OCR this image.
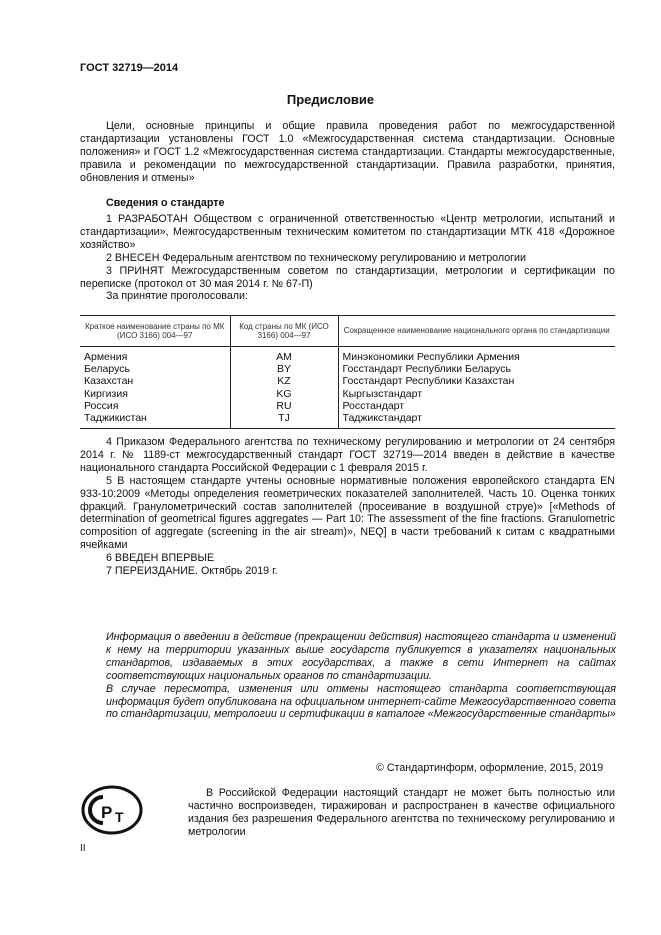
ГОСТ 32719—2014
Предисловие

Цели, основные принципы и общие правила проведения работ по межгосударственной стандартизации установлены ГОСТ 1.0 «Межгосударственная система стандартизации. Основные положения» и ГОСТ 1.2 «Межгосударственная система стандартизации. Стандарты межгосударственные, правила и рекомендации по межгосударственной стандартизации. Правила разработки, принятия, обновления и отмены»

Сведения о стандарте

1 РАЗРАБОТАН Обществом с ограниченной ответственностью «Центр метрологии, испытаний и стандартизации», Межгосударственным техническим комитетом по стандартизации МТК 418 «Дорожное хозяйство»

2 ВНЕСЕН Федеральным агентством по техническому регулированию и метрологии

3 ПРИНЯТ Межгосударственным советом по стандартизации, метрологии и сертификации по переписке (протокол от 30 мая 2014 г. № 67-П)

За принятие проголосовали:

Краткое наименование страны по МК (ИСО 3166) 004—97	Код страны по МК (ИСО 3166) 004—97	Сокращенное наименование национального органа по стандартизации
Армения	AM	Минэкономики Республики Армения
Беларусь	BY	Госстандарт Республики Беларусь
Казахстан	KZ	Госстандарт Республики Казахстан
Киргизия	KG	Кыргызстандарт
Россия	RU	Росстандарт
Таджикистан	TJ	Таджикстандарт

4 Приказом Федерального агентства по техническому регулированию и метрологии от 24 сентября 2014 г. № 1189-ст межгосударственный стандарт ГОСТ 32719—2014 введен в действие в качестве национального стандарта Российской Федерации с 1 февраля 2015 г.

5 В настоящем стандарте учтены основные нормативные положения европейского стандарта EN 933-10:2009 «Методы определения геометрических показателей заполнителей. Часть 10. Оценка тонких фракций. Гранулометрический состав заполнителей (просеивание в воздушной струе)» [«Methods of determination of geometrical figures aggregates — Part 10: The assessment of the fine fractions. Granulometric composition of aggregate (screening in the air stream)», NEQ] в части требований к ситам с квадратными ячейками

6 ВВЕДЕН ВПЕРВЫЕ

7 ПЕРЕИЗДАНИЕ. Октябрь 2019 г.

Информация о введении в действие (прекращении действия) настоящего стандарта и изменений к нему на территории указанных выше государств публикуется в указателях национальных стандартов, издаваемых в этих государствах, а также в сети Интернет на сайтах соответствующих национальных органов по стандартизации.

В случае пересмотра, изменения или отмены настоящего стандарта соответствующая информация будет опубликована на официальном интернет-сайте Межгосударственного совета по стандартизации, метрологии и сертификации в каталоге «Межгосударственные стандарты»

© Стандартинформ, оформление, 2015, 2019
Р Т

В Российской Федерации настоящий стандарт не может быть полностью или частично воспроизведен, тиражирован и распространен в качестве официального издания без разрешения Федерального агентства по техническому регулированию и метрологии

II
